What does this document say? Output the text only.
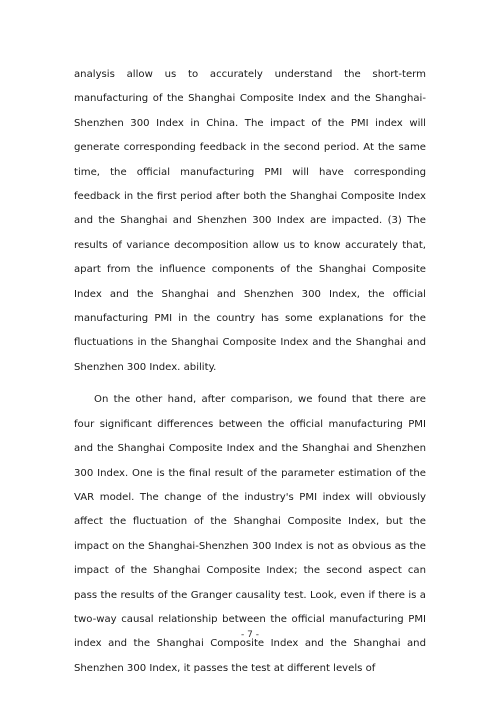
analysis allow us to accurately understand the short-term manufacturing of the Shanghai Composite Index and the Shanghai-Shenzhen 300 Index in China. The impact of the PMI index will generate corresponding feedback in the second period. At the same time, the official manufacturing PMI will have corresponding feedback in the first period after both the Shanghai Composite Index and the Shanghai and Shenzhen 300 Index are impacted. (3) The results of variance decomposition allow us to know accurately that, apart from the influence components of the Shanghai Composite Index and the Shanghai and Shenzhen 300 Index, the official manufacturing PMI in the country has some explanations for the fluctuations in the Shanghai Composite Index and the Shanghai and Shenzhen 300 Index. ability.

On the other hand, after comparison, we found that there are four significant differences between the official manufacturing PMI and the Shanghai Composite Index and the Shanghai and Shenzhen 300 Index. One is the final result of the parameter estimation of the VAR model. The change of the industry's PMI index will obviously affect the fluctuation of the Shanghai Composite Index, but the impact on the Shanghai-Shenzhen 300 Index is not as obvious as the impact of the Shanghai Composite Index; the second aspect can pass the results of the Granger causality test. Look, even if there is a two-way causal relationship between the official manufacturing PMI index and the Shanghai Composite Index and the Shanghai and Shenzhen 300 Index, it passes the test at different levels of

- 7 -
